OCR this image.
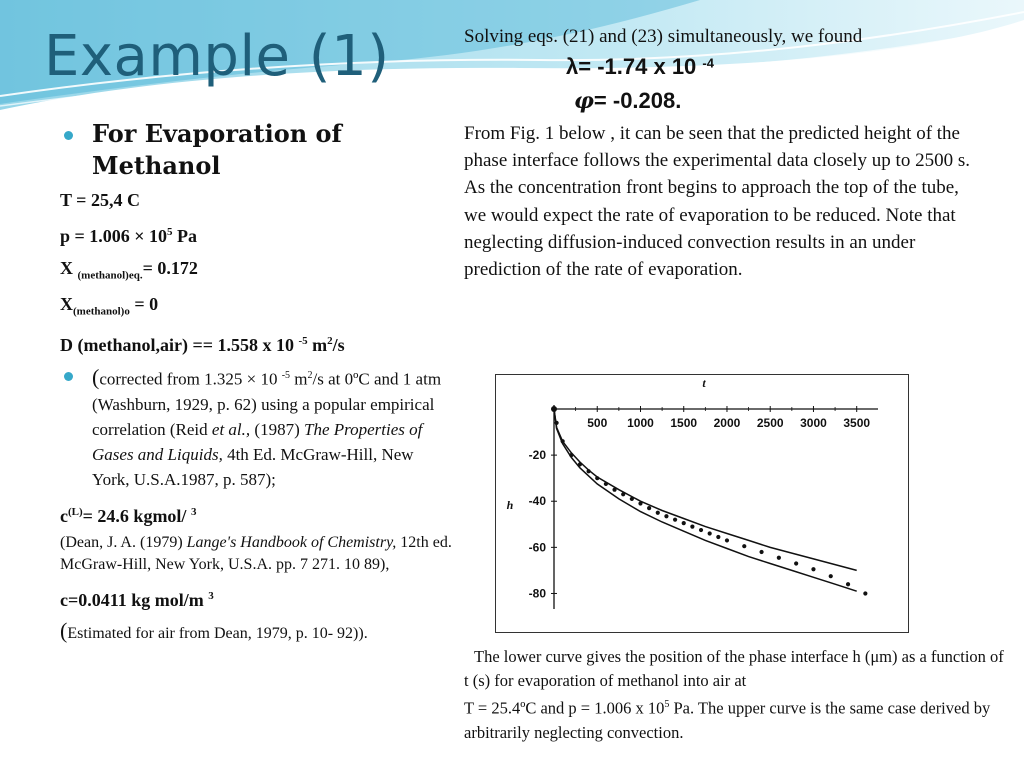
Example (1)
For Evaporation of
Methanol
T = 25,4 C
$p = 1.006 \times 10^5$ Pa
X $_{(methanol)eq.}$= 0.172
$X_{(methanol)o} = 0$
D (methanol,air) == 1.558 x 10 $^{-5}$ $m^2/s$
(corrected from 1.325 × 10 $^{-5}$ $m^2/s$ at 0ºC and 1 atm (Washburn, 1929, p. 62) using a popular empirical correlation (Reid et al., (1987) The Properties of Gases and Liquids, 4th Ed. McGraw-Hill, New York, U.S.A.1987, p. 587);
$c^{(L)}= 24.6$ kgmol/ $^3$
(Dean, J. A. (1979) Lange's Handbook of Chemistry, 12th ed. McGraw-Hill, New York, U.S.A. pp. 7 271. 10 89),
c=0.0411 kg mol/m $^3$
(Estimated for air from Dean, 1979, p. 10- 92)).
Solving eqs. (21) and (23) simultaneously, we found
λ= -1.74 x 10 $^{-4}$
φ= -0.208.
From Fig. 1 below , it can be seen that the predicted height of the phase interface follows the experimental data closely up to 2500 s. As the concentration front begins to approach the top of the tube, we would expect the rate of evaporation to be reduced. Note that neglecting diffusion-induced convection results in an under prediction of the rate of evaporation.
500 1000 1500 2000 2500 3000 3500
-20
-40
-60
-80
t
h
The lower curve gives the position of the phase interface h (μm) as a function of t (s) for evaporation of methanol into air at
T = 25.4ºC and p = 1.006 x $10^5$ Pa. The upper curve is the same case derived by arbitrarily neglecting convection.
